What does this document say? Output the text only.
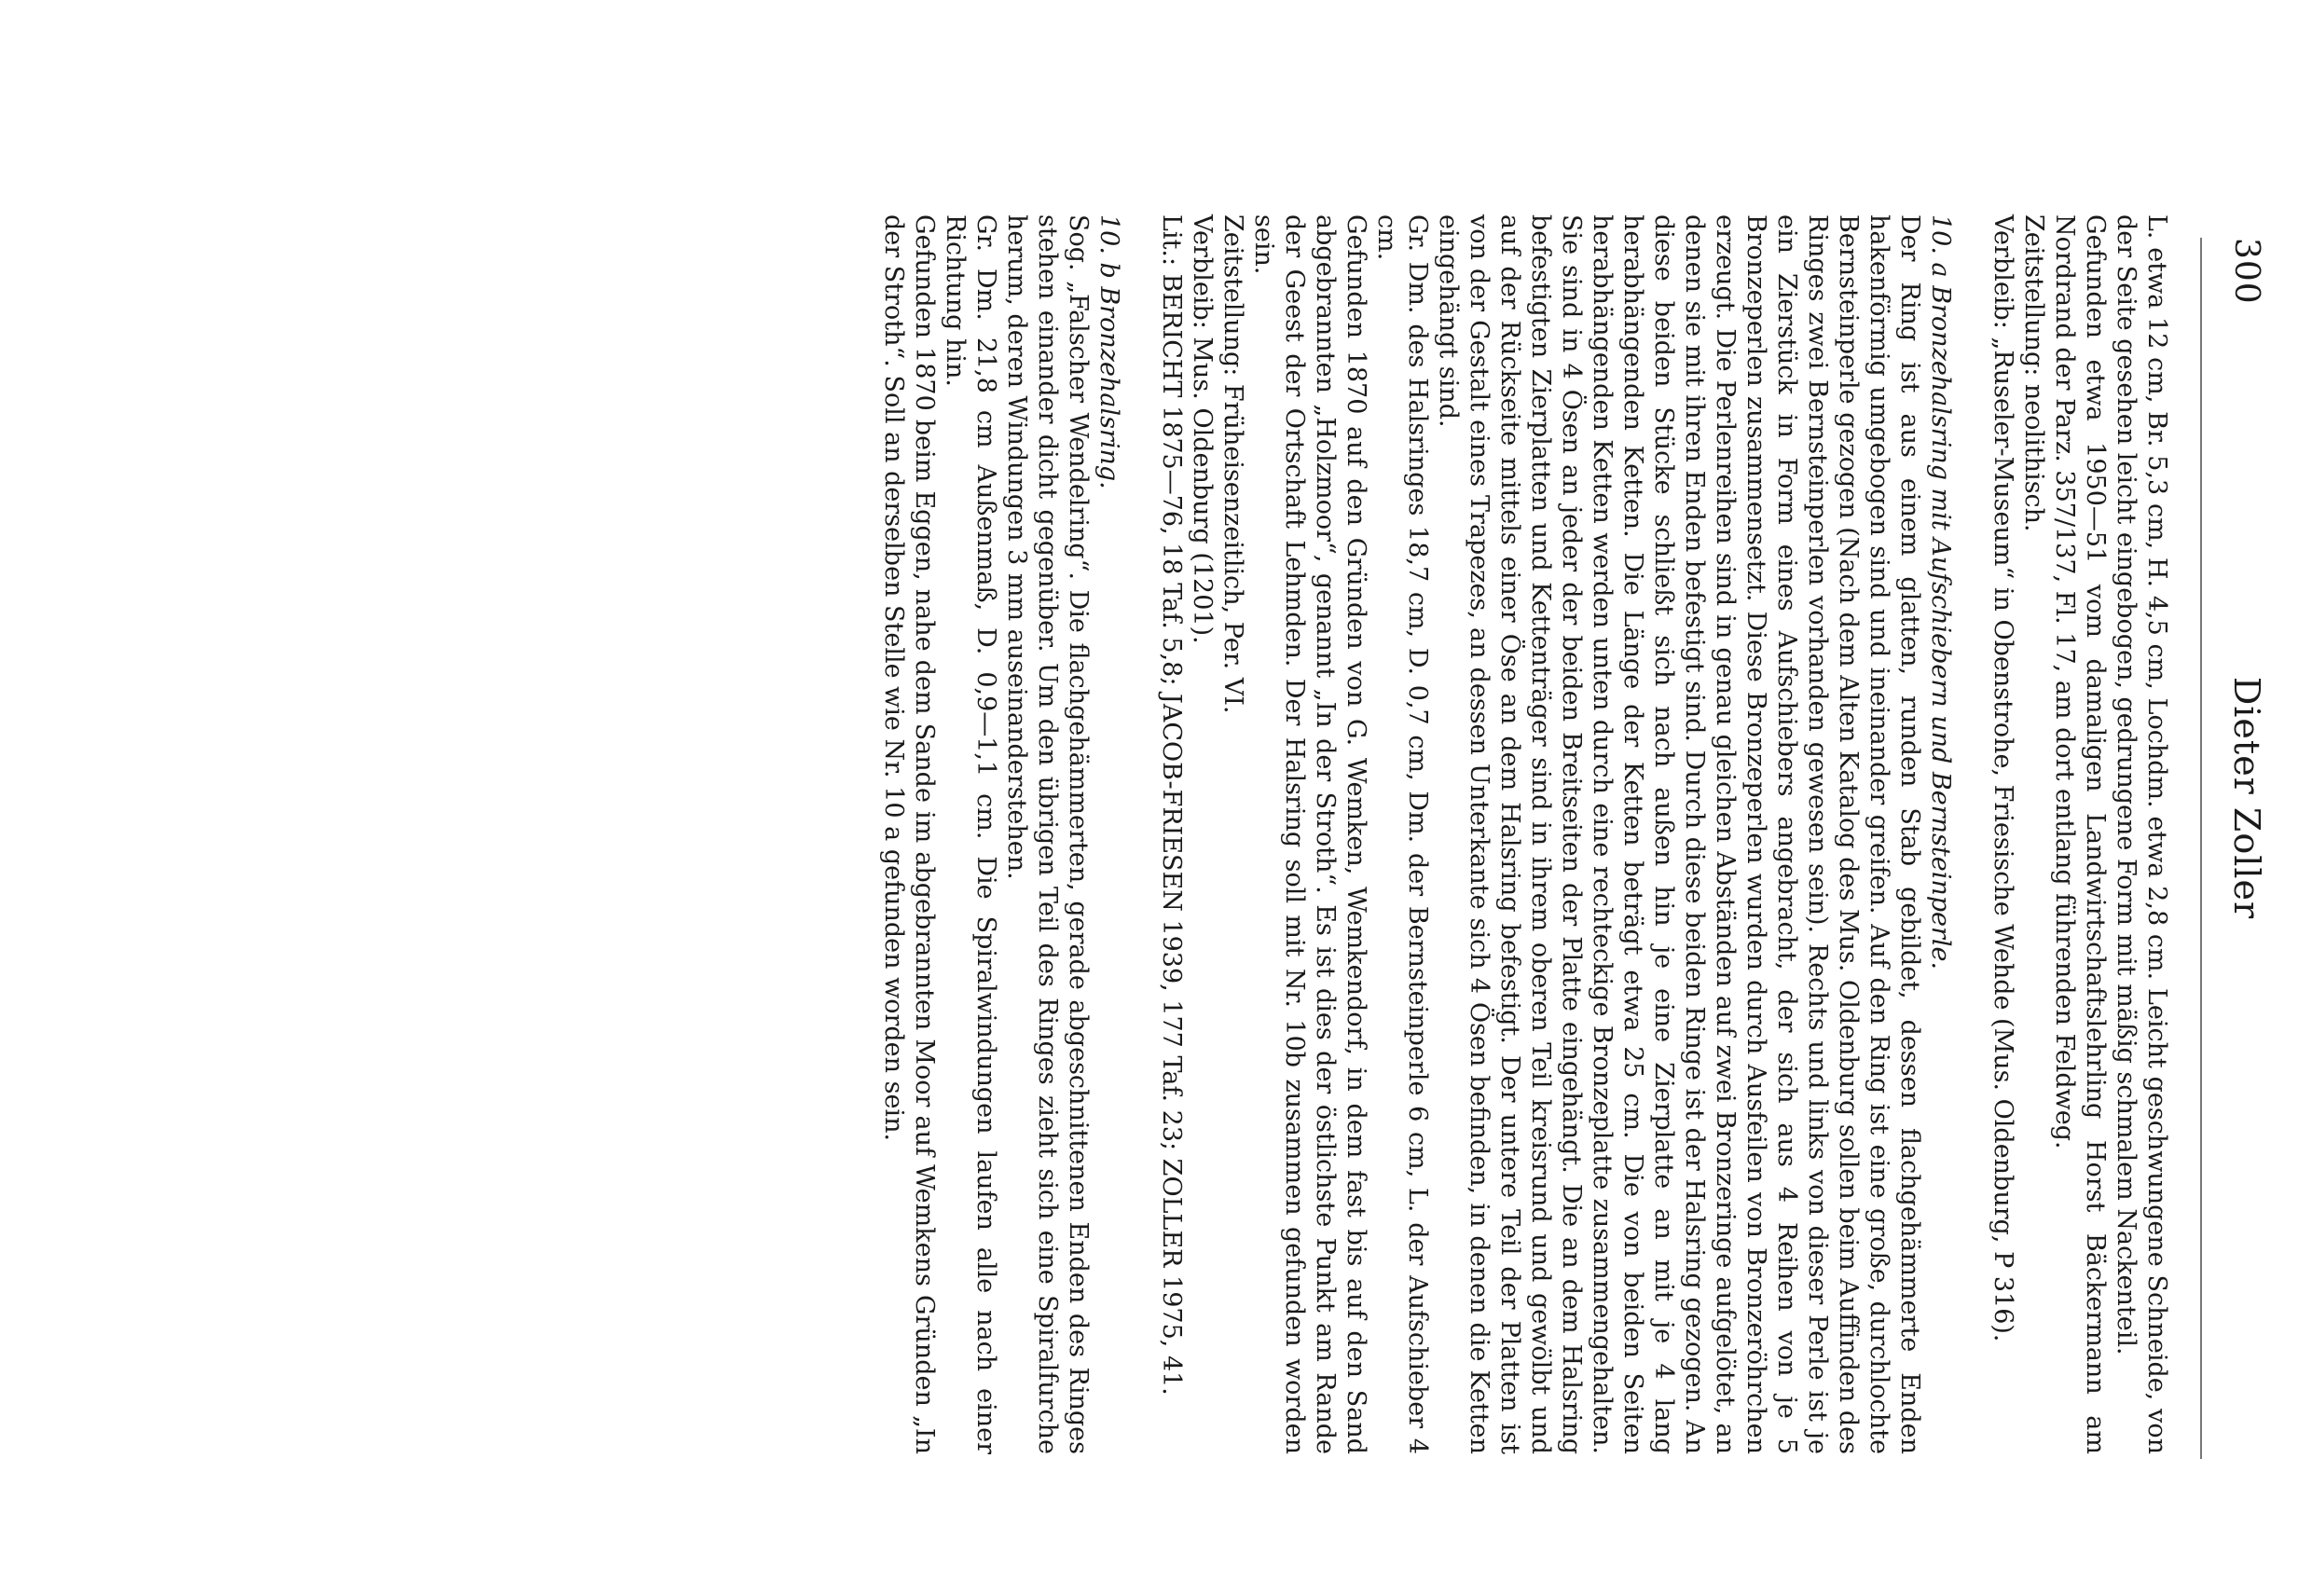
300
Dieter Zoller

L. etwa 12 cm, Br. 5,3 cm, H. 4,5 cm, Lochdm. etwa 2,8 cm. Leicht geschwungene Schneide, von der Seite gesehen leicht eingebogen, gedrungene Form mit mäßig schmalem Nackenteil.

Gefunden etwa 1950—51 vom damaligen Landwirtschaftslehrling Horst Bäckermann am Nordrand der Parz. 357/137, Fl. 17, am dort entlang führenden Feldweg.

Zeitstellung: neolithisch.

Verbleib: „Ruseler-Museum“ in Obenstrohe, Friesische Wehde (Mus. Oldenburg, P 316).

10. a Bronzehalsring mit Aufschiebern und Bernsteinperle.

Der Ring ist aus einem glatten, runden Stab gebildet, dessen flachgehämmerte Enden hakenförmig umgebogen sind und ineinander greifen. Auf den Ring ist eine große, durchlochte Bernsteinperle gezogen (Nach dem Alten Katalog des Mus. Oldenburg sollen beim Auffinden des Ringes zwei Bernsteinperlen vorhanden gewesen sein). Rechts und links von dieser Perle ist je ein Zierstück in Form eines Aufschiebers angebracht, der sich aus 4 Reihen von je 5 Bronzeperlen zusammensetzt. Diese Bronzeperlen wurden durch Ausfeilen von Bronzeröhrchen erzeugt. Die Perlenreihen sind in genau gleichen Abständen auf zwei Bronzeringe aufgelötet, an denen sie mit ihren Enden befestigt sind. Durch diese beiden Ringe ist der Halsring gezogen. An diese beiden Stücke schließt sich nach außen hin je eine Zierplatte an mit je 4 lang herabhängenden Ketten. Die Länge der Ketten beträgt etwa 25 cm. Die von beiden Seiten herabhängenden Ketten werden unten durch eine rechteckige Bronzeplatte zusammengehalten. Sie sind in 4 Ösen an jeder der beiden Breitseiten der Platte eingehängt. Die an dem Halsring befestigten Zierplatten und Kettenträger sind in ihrem oberen Teil kreisrund und gewölbt und auf der Rückseite mittels einer Öse an dem Halsring befestigt. Der untere Teil der Platten ist von der Gestalt eines Trapezes, an dessen Unterkante sich 4 Ösen befinden, in denen die Ketten eingehängt sind.

Gr. Dm. des Halsringes 18,7 cm, D. 0,7 cm, Dm. der Bernsteinperle 6 cm, L. der Aufschieber 4 cm.

Gefunden 1870 auf den Gründen von G. Wemken, Wemkendorf, in dem fast bis auf den Sand abgebrannten „Holzmoor“, genannt „In der Stroth“. Es ist dies der östlichste Punkt am Rande der Geest der Ortschaft Lehmden. Der Halsring soll mit Nr. 10b zusammen gefunden worden sein.

Zeitstellung: Früheisenzeitlich, Per. VI.

Verbleib: Mus. Oldenburg (1201).

Lit.: BERICHT 1875—76, 18 Taf. 5,8; JACOB-FRIESEN 1939, 177 Taf. 23; ZOLLER 1975, 41.

10. b Bronzehalsring.

Sog. „Falscher Wendelring“. Die flachgehämmerten, gerade abgeschnittenen Enden des Ringes stehen einander dicht gegenüber. Um den übrigen Teil des Ringes zieht sich eine Spiralfurche herum, deren Windungen 3 mm auseinanderstehen.

Gr. Dm. 21,8 cm Außenmaß, D. 0,9—1,1 cm. Die Spiralwindungen laufen alle nach einer Richtung hin.

Gefunden 1870 beim Eggen, nahe dem Sande im abgebrannten Moor auf Wemkens Gründen „In der Stroth“. Soll an derselben Stelle wie Nr. 10 a gefunden worden sein.
